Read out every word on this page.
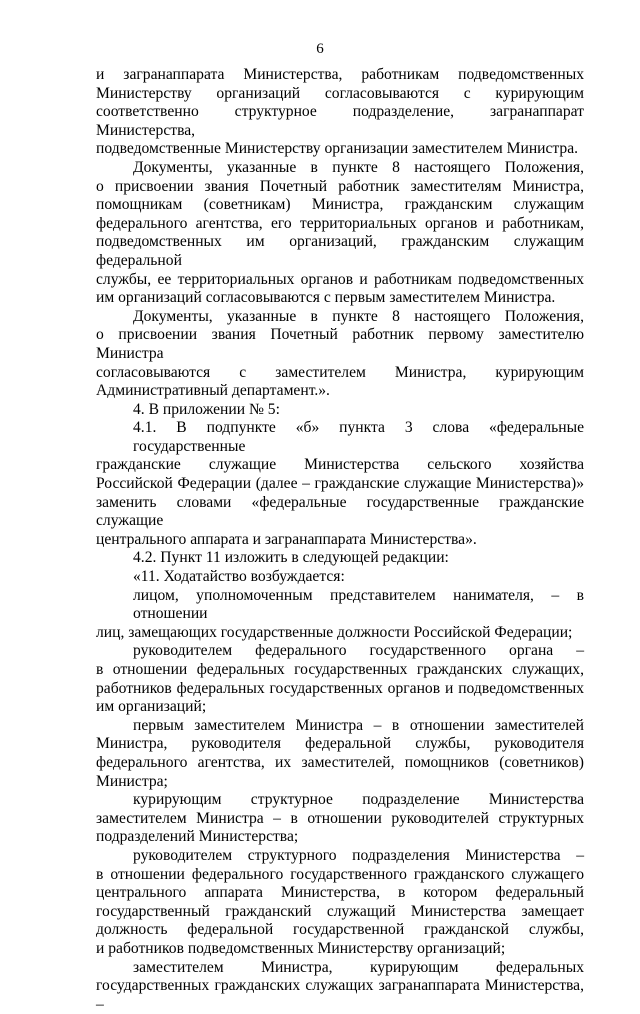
6
и загранаппарата Министерства, работникам подведомственных
Министерству организаций согласовываются с курирующим
соответственно структурное подразделение, загранаппарат Министерства,
подведомственные Министерству организации заместителем Министра.
Документы, указанные в пункте 8 настоящего Положения,
о присвоении звания Почетный работник заместителям Министра,
помощникам (советникам) Министра, гражданским служащим
федерального агентства, его территориальных органов и работникам,
подведомственных им организаций, гражданским служащим федеральной
службы, ее территориальных органов и работникам подведомственных
им организаций согласовываются с первым заместителем Министра.
Документы, указанные в пункте 8 настоящего Положения,
о присвоении звания Почетный работник первому заместителю Министра
согласовываются с заместителем Министра, курирующим
Административный департамент.».
4. В приложении № 5:
4.1. В подпункте «б» пункта 3 слова «федеральные государственные
гражданские служащие Министерства сельского хозяйства
Российской Федерации (далее – гражданские служащие Министерства)»
заменить словами «федеральные государственные гражданские служащие
центрального аппарата и загранаппарата Министерства».
4.2. Пункт 11 изложить в следующей редакции:
«11. Ходатайство возбуждается:
лицом, уполномоченным представителем нанимателя, – в отношении
лиц, замещающих государственные должности Российской Федерации;
руководителем федерального государственного органа –
в отношении федеральных государственных гражданских служащих,
работников федеральных государственных органов и подведомственных
им организаций;
первым заместителем Министра – в отношении заместителей
Министра, руководителя федеральной службы, руководителя
федерального агентства, их заместителей, помощников (советников)
Министра;
курирующим структурное подразделение Министерства
заместителем Министра – в отношении руководителей структурных
подразделений Министерства;
руководителем структурного подразделения Министерства –
в отношении федерального государственного гражданского служащего
центрального аппарата Министерства, в котором федеральный
государственный гражданский служащий Министерства замещает
должность федеральной государственной гражданской службы,
и работников подведомственных Министерству организаций;
заместителем Министра, курирующим федеральных
государственных гражданских служащих загранаппарата Министерства, –
